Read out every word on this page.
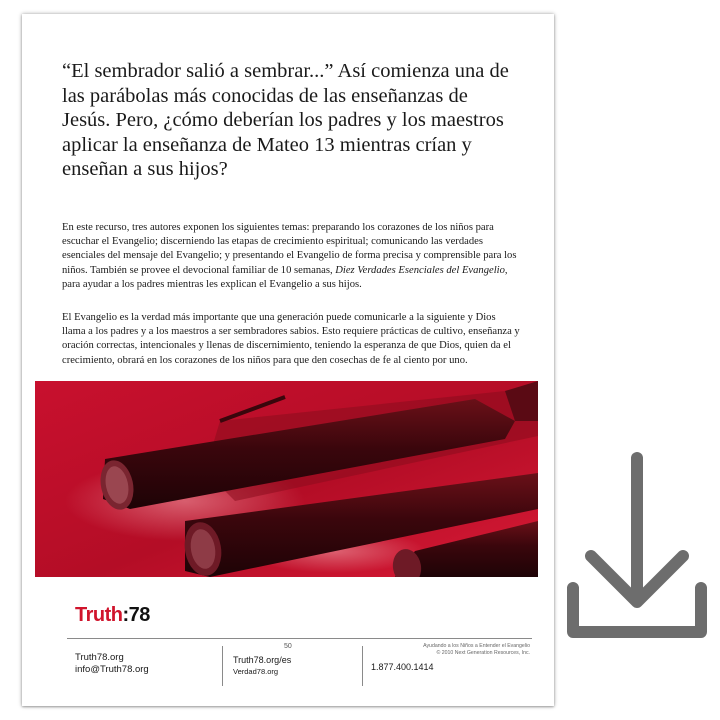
“El sembrador salió a sembrar...” Así comienza una de las parábolas más conocidas de las enseñanzas de Jesús. Pero, ¿cómo deberían los padres y los maestros aplicar la enseñanza de Mateo 13 mientras crían y enseñan a sus hijos?

En este recurso, tres autores exponen los siguientes temas: preparando los corazones de los niños para escuchar el Evangelio; discerniendo las etapas de crecimiento espiritual; comunicando las verdades esenciales del mensaje del Evangelio; y presentando el Evangelio de forma precisa y comprensible para los niños. También se provee el devocional familiar de 10 semanas, Diez Verdades Esenciales del Evangelio, para ayudar a los padres mientras les explican el Evangelio a sus hijos.

El Evangelio es la verdad más importante que una generación puede comunicarle a la siguiente y Dios llama a los padres y a los maestros a ser sembradores sabios. Esto requiere prácticas de cultivo, enseñanza y oración correctas, intencionales y llenas de discernimiento, teniendo la esperanza de que Dios, quien da el crecimiento, obrará en los corazones de los niños para que den cosechas de fe al ciento por uno.

Truth:78
50	Ayudando a los Niños a Entender el Evangelio
© 2010 Next Generation Resources, Inc.
Truth78.org
info@Truth78.org
Truth78.org/es
Verdad78.org	1.877.400.1414
